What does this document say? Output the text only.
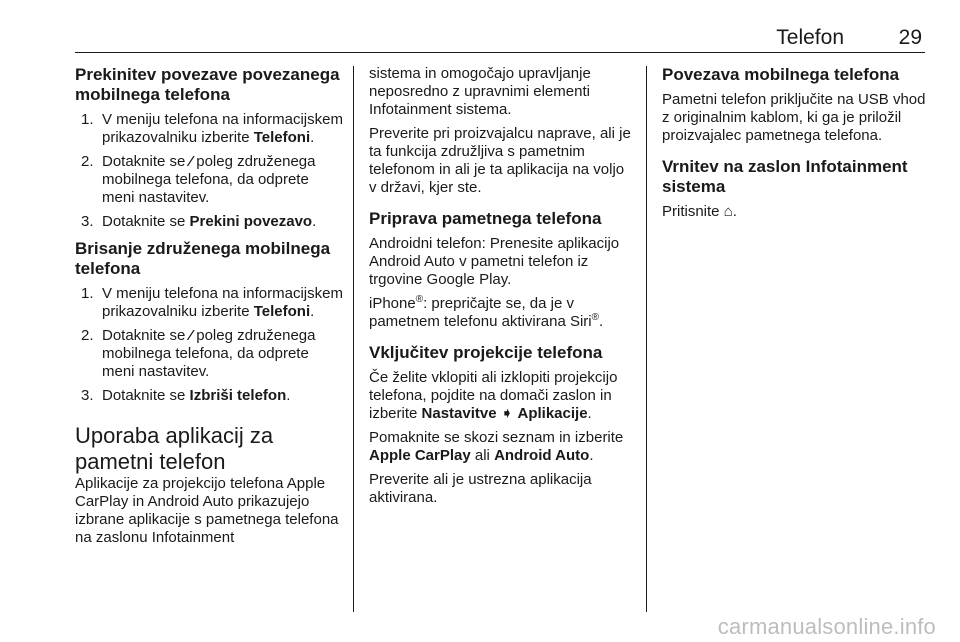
Telefon	29
Prekinitev povezave povezanega mobilnega telefona
1. V meniju telefona na informacijskem prikazovalniku izberite Telefoni.
2. Dotaknite se ⁄ poleg združenega mobilnega telefona, da odprete meni nastavitev.
3. Dotaknite se Prekini povezavo.
Brisanje združenega mobilnega telefona
1. V meniju telefona na informacijskem prikazovalniku izberite Telefoni.
2. Dotaknite se ⁄ poleg združenega mobilnega telefona, da odprete meni nastavitev.
3. Dotaknite se Izbriši telefon.
Uporaba aplikacij za pametni telefon

Aplikacije za projekcijo telefona Apple CarPlay in Android Auto prikazujejo izbrane aplikacije s pametnega telefona na zaslonu Infotainment

sistema in omogočajo upravljanje neposredno z upravnimi elementi Infotainment sistema.

Preverite pri proizvajalcu naprave, ali je ta funkcija združljiva s pametnim telefonom in ali je ta aplikacija na voljo v državi, kjer ste.

Priprava pametnega telefona

Androidni telefon: Prenesite aplikacijo Android Auto v pametni telefon iz trgovine Google Play.

iPhone®: prepričajte se, da je v pametnem telefonu aktivirana Siri®.

Vključitev projekcije telefona

Če želite vklopiti ali izklopiti projekcijo telefona, pojdite na domači zaslon in izberite Nastavitve ➧ Aplikacije.

Pomaknite se skozi seznam in izberite Apple CarPlay ali Android Auto.

Preverite ali je ustrezna aplikacija aktivirana.

Povezava mobilnega telefona

Pametni telefon priključite na USB vhod z originalnim kablom, ki ga je priložil proizvajalec pametnega telefona.

Vrnitev na zaslon Infotainment sistema

Pritisnite ⌂.

carmanualsonline.info
